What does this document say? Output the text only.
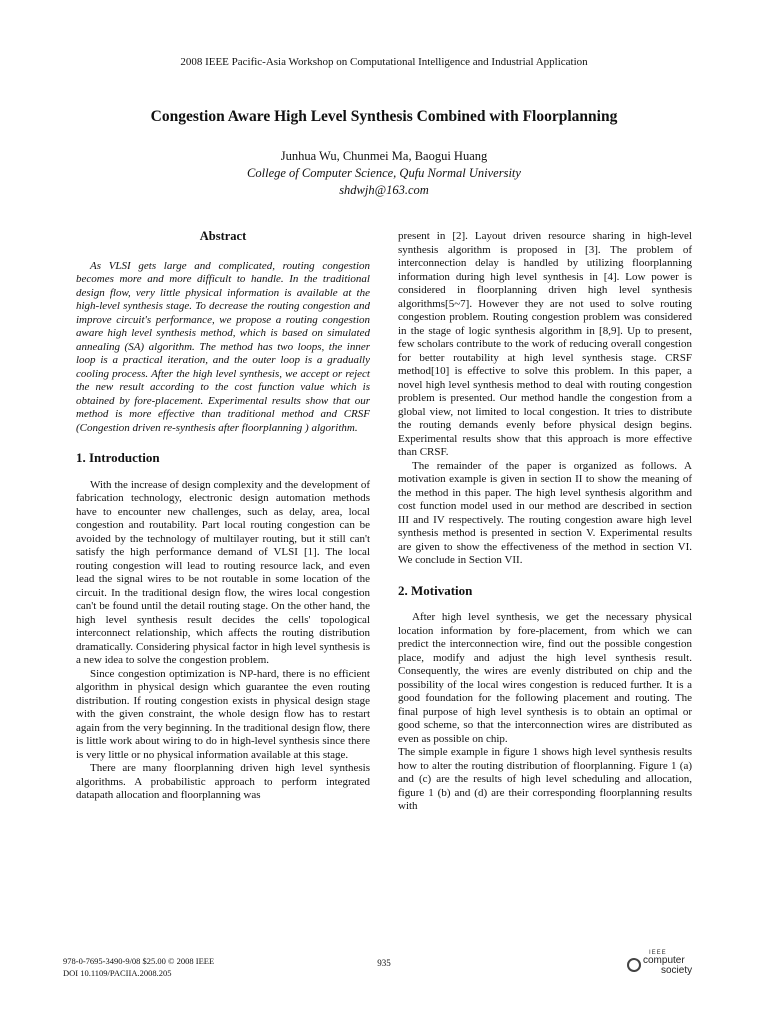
2008 IEEE Pacific-Asia Workshop on Computational Intelligence and Industrial Application
Congestion Aware High Level Synthesis Combined with Floorplanning
Junhua Wu, Chunmei Ma, Baogui Huang
College of Computer Science, Qufu Normal University
shdwjh@163.com
Abstract

As VLSI gets large and complicated, routing congestion becomes more and more difficult to handle. In the traditional design flow, very little physical information is available at the high-level synthesis stage. To decrease the routing congestion and improve circuit's performance, we propose a routing congestion aware high level synthesis method, which is based on simulated annealing (SA) algorithm. The method has two loops, the inner loop is a practical iteration, and the outer loop is a gradually cooling process. After the high level synthesis, we accept or reject the new result according to the cost function value which is obtained by fore-placement. Experimental results show that our method is more effective than traditional method and CRSF (Congestion driven re-synthesis after floorplanning ) algorithm.

1. Introduction

With the increase of design complexity and the development of fabrication technology, electronic design automation methods have to encounter new challenges, such as delay, area, local congestion and routability. Part local routing congestion can be avoided by the technology of multilayer routing, but it still can't satisfy the high performance demand of VLSI [1]. The local routing congestion will lead to routing resource lack, and even lead the signal wires to be not routable in some location of the circuit. In the traditional design flow, the wires local congestion can't be found until the detail routing stage. On the other hand, the high level synthesis result decides the cells' topological interconnect relationship, which affects the routing distribution dramatically. Considering physical factor in high level synthesis is a new idea to solve the congestion problem.

Since congestion optimization is NP-hard, there is no efficient algorithm in physical design which guarantee the even routing distribution. If routing congestion exists in physical design stage with the given constraint, the whole design flow has to restart again from the very beginning. In the traditional design flow, there is little work about wiring to do in high-level synthesis since there is very little or no physical information available at this stage.

There are many floorplanning driven high level synthesis algorithms. A probabilistic approach to perform integrated datapath allocation and floorplanning was

present in [2]. Layout driven resource sharing in high-level synthesis algorithm is proposed in [3]. The problem of interconnection delay is handled by utilizing floorplanning information during high level synthesis in [4]. Low power is considered in floorplanning driven high level synthesis algorithms[5~7]. However they are not used to solve routing congestion problem. Routing congestion problem was considered in the stage of logic synthesis algorithm in [8,9]. Up to present, few scholars contribute to the work of reducing overall congestion for better routability at high level synthesis stage. CRSF method[10] is effective to solve this problem. In this paper, a novel high level synthesis method to deal with routing congestion problem is presented. Our method handle the congestion from a global view, not limited to local congestion. It tries to distribute the routing demands evenly before physical design begins. Experimental results show that this approach is more effective than CRSF.

The remainder of the paper is organized as follows. A motivation example is given in section II to show the meaning of the method in this paper. The high level synthesis algorithm and cost function model used in our method are described in section III and IV respectively. The routing congestion aware high level synthesis method is presented in section V. Experimental results are given to show the effectiveness of the method in section VI. We conclude in Section VII.

2. Motivation

After high level synthesis, we get the necessary physical location information by fore-placement, from which we can predict the interconnection wire, find out the possible congestion place, modify and adjust the high level synthesis result. Consequently, the wires are evenly distributed on chip and the possibility of the local wires congestion is reduced further. It is a good foundation for the following placement and routing. The final purpose of high level synthesis is to obtain an optimal or good scheme, so that the interconnection wires are distributed as even as possible on chip.

The simple example in figure 1 shows high level synthesis results how to alter the routing distribution of floorplanning. Figure 1 (a) and (c) are the results of high level scheduling and allocation, figure 1 (b) and (d) are their corresponding floorplanning results with

978-0-7695-3490-9/08 $25.00 © 2008 IEEE
DOI 10.1109/PACIIA.2008.205
935
IEEE
computer
society
